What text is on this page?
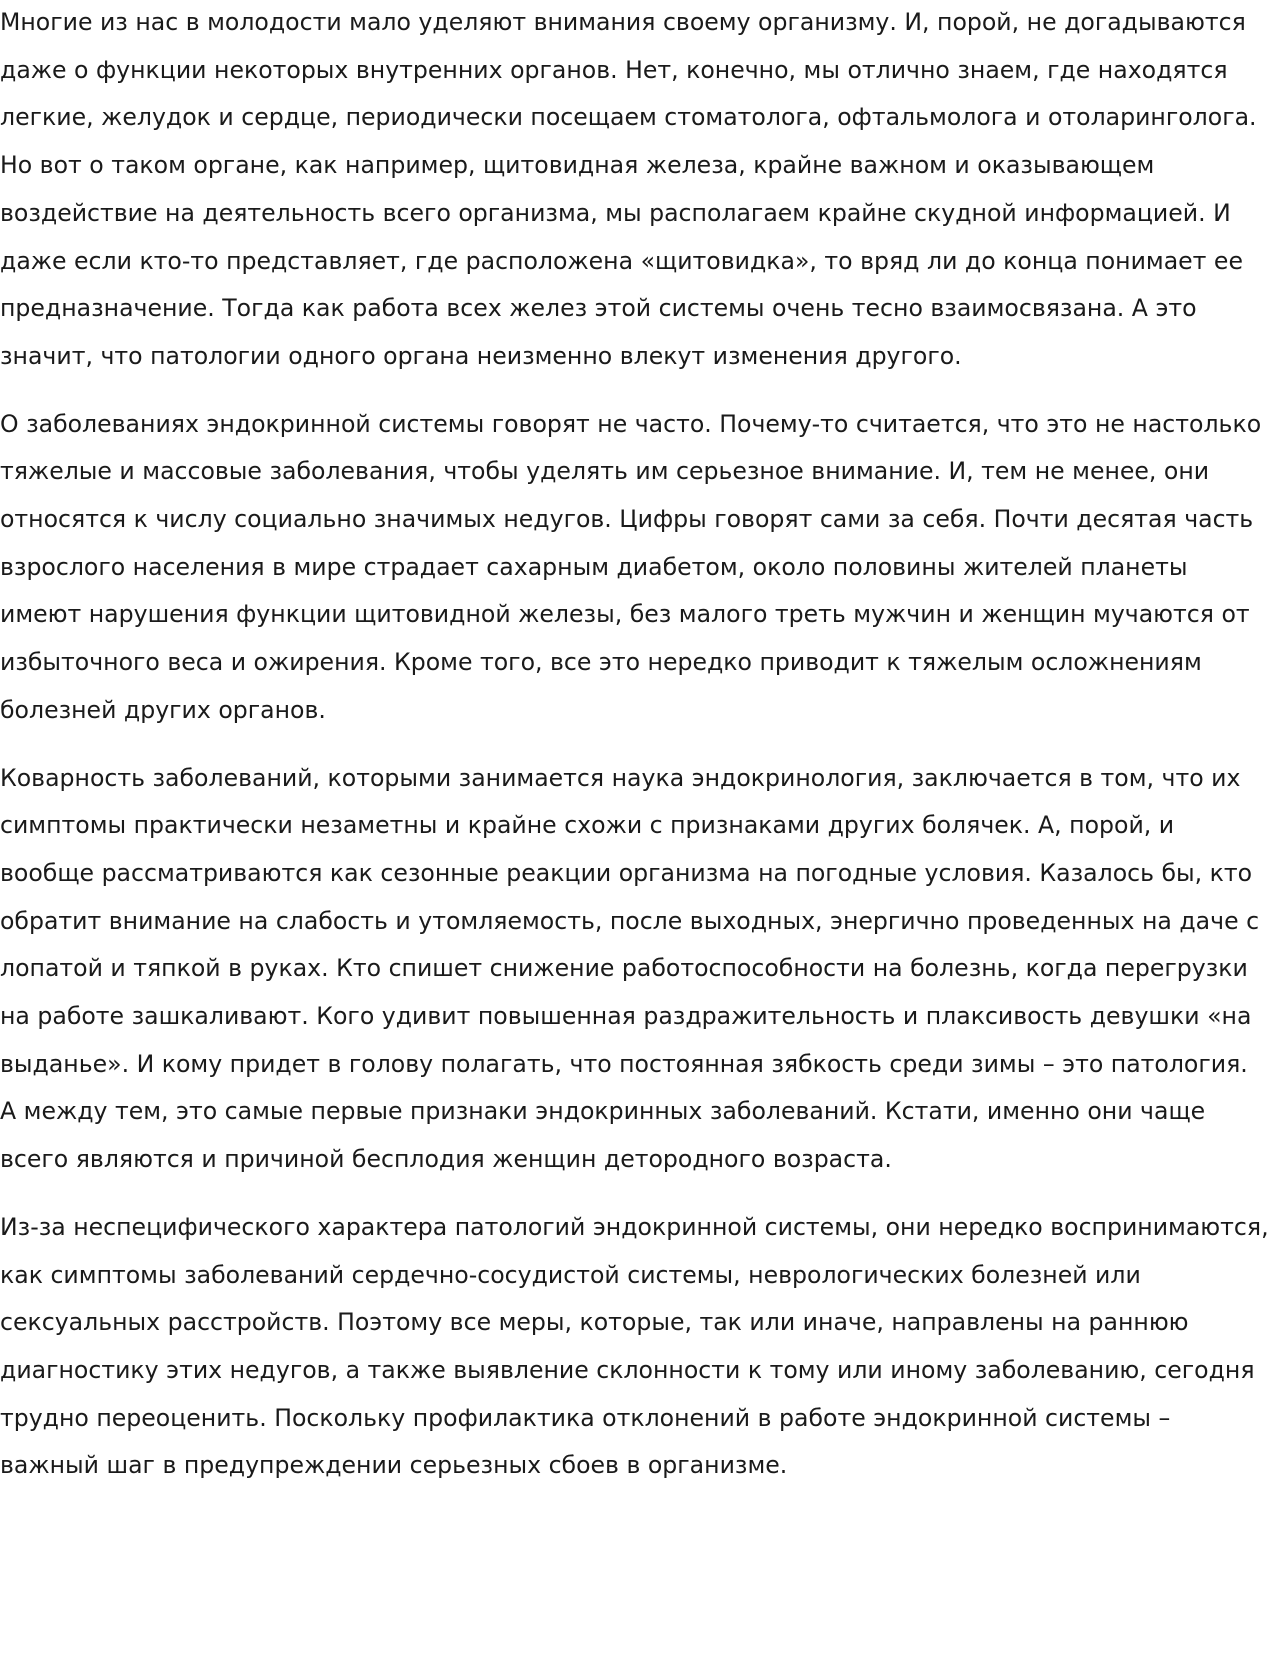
Многие из нас в молодости мало уделяют внимания своему организму. И, порой, не догадываются даже о функции некоторых внутренних органов. Нет, конечно, мы отлично знаем, где находятся легкие, желудок и сердце, периодически посещаем стоматолога, офтальмолога и отоларинголога. Но вот о таком органе, как например, щитовидная железа, крайне важном и оказывающем воздействие на деятельность всего организма, мы располагаем крайне скудной информацией. И даже если кто-то представляет, где расположена «щитовидка», то вряд ли до конца понимает ее предназначение. Тогда как работа всех желез этой системы очень тесно взаимосвязана. А это значит, что патологии одного органа неизменно влекут изменения другого.

О заболеваниях эндокринной системы говорят не часто. Почему-то считается, что это не настолько тяжелые и массовые заболевания, чтобы уделять им серьезное внимание. И, тем не менее, они относятся к числу социально значимых недугов. Цифры говорят сами за себя. Почти десятая часть взрослого населения в мире страдает сахарным диабетом, около половины жителей планеты имеют нарушения функции щитовидной железы, без малого треть мужчин и женщин мучаются от избыточного веса и ожирения. Кроме того, все это нередко приводит к тяжелым осложнениям болезней других органов.

Коварность заболеваний, которыми занимается наука эндокринология, заключается в том, что их симптомы практически незаметны и крайне схожи с признаками других болячек. А, порой, и вообще рассматриваются как сезонные реакции организма на погодные условия. Казалось бы, кто обратит внимание на слабость и утомляемость, после выходных, энергично проведенных на даче с лопатой и тяпкой в руках. Кто спишет снижение работоспособности на болезнь, когда перегрузки на работе зашкаливают. Кого удивит повышенная раздражительность и плаксивость девушки «на выданье». И кому придет в голову полагать, что постоянная зябкость среди зимы – это патология. А между тем, это самые первые признаки эндокринных заболеваний. Кстати, именно они чаще всего являются и причиной бесплодия женщин детородного возраста.

Из-за неспецифического характера патологий эндокринной системы, они нередко воспринимаются, как симптомы заболеваний сердечно-сосудистой системы, неврологических болезней или сексуальных расстройств. Поэтому все меры, которые, так или иначе, направлены на раннюю диагностику этих недугов, а также выявление склонности к тому или иному заболеванию, сегодня трудно переоценить. Поскольку профилактика отклонений в работе эндокринной системы – важный шаг в предупреждении серьезных сбоев в организме.
